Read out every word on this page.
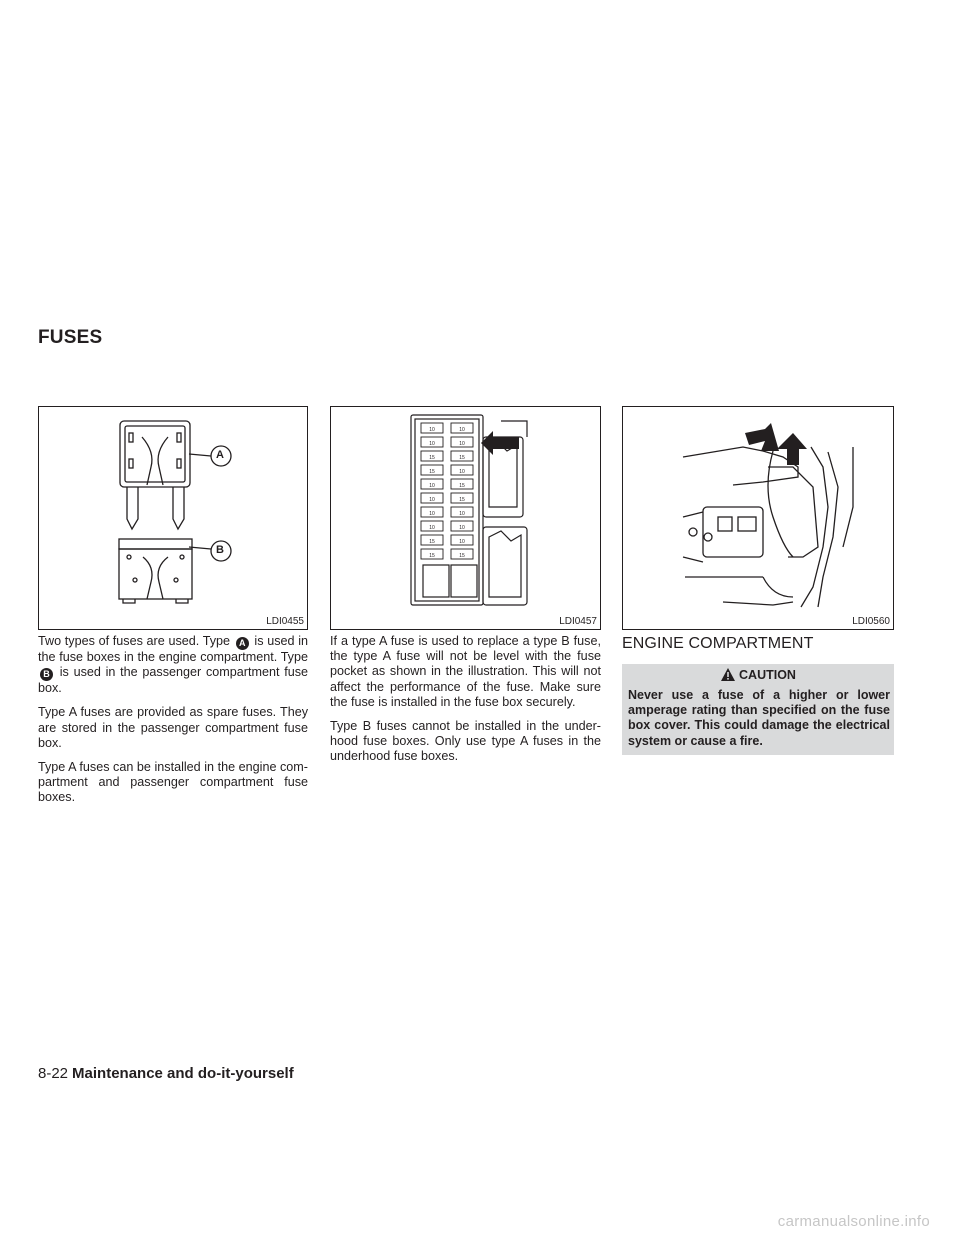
FUSES
A
B
LDI0455
10
10
15
15
10
10
10
10
15
15
10
10
15
10
15
15
10
10
10
15
LDI0457	LDI0560

Two types of fuses are used. Type A is used in the fuse boxes in the engine compartment. Type B is used in the passenger compartment fuse box.

Type A fuses are provided as spare fuses. They are stored in the passenger compartment fuse box.

Type A fuses can be installed in the engine com- partment and passenger compartment fuse boxes.

If a type A fuse is used to replace a type B fuse, the type A fuse will not be level with the fuse pocket as shown in the illustration. This will not affect the performance of the fuse. Make sure the fuse is installed in the fuse box securely.

Type B fuses cannot be installed in the under- hood fuse boxes. Only use type A fuses in the underhood fuse boxes.

ENGINE COMPARTMENT
CAUTION
Never use a fuse of a higher or lower amperage rating than specified on the fuse box cover. This could damage the electrical system or cause a fire.
8-22 Maintenance and do-it-yourself
carmanualsonline.info
